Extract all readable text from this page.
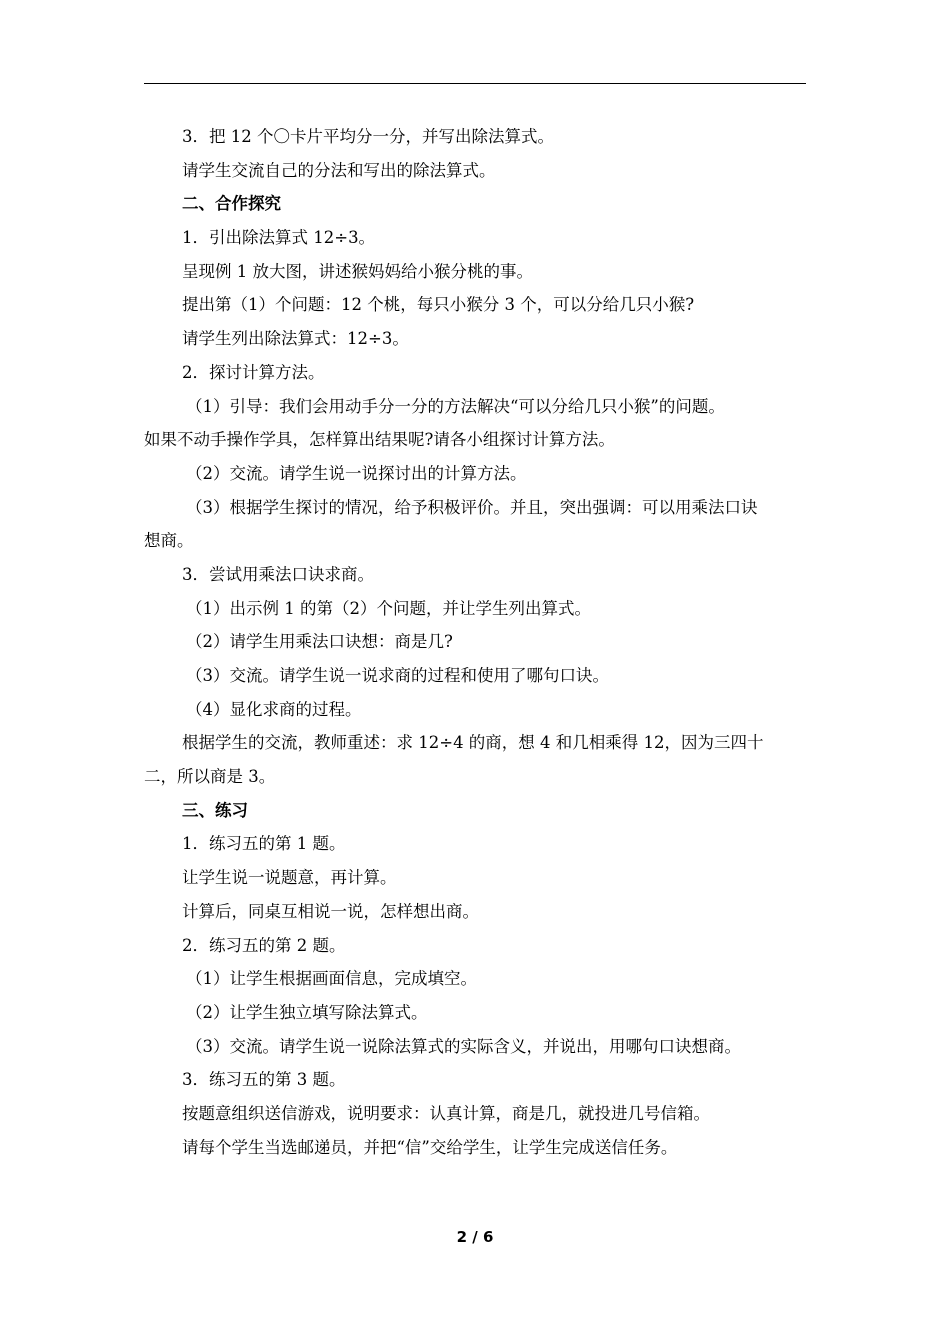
3．把 12 个〇卡片平均分一分，并写出除法算式。
请学生交流自己的分法和写出的除法算式。
二、合作探究
1．引出除法算式 12÷3。
呈现例 1 放大图，讲述猴妈妈给小猴分桃的事。
提出第（1）个问题：12 个桃，每只小猴分 3 个，可以分给几只小猴?
请学生列出除法算式：12÷3。
2．探讨计算方法。
（1）引导：我们会用动手分一分的方法解决“可以分给几只小猴”的问题。
如果不动手操作学具，怎样算出结果呢?请各小组探讨计算方法。
（2）交流。请学生说一说探讨出的计算方法。
（3）根据学生探讨的情况，给予积极评价。并且，突出强调：可以用乘法口诀
想商。
3．尝试用乘法口诀求商。
（1）出示例 1 的第（2）个问题，并让学生列出算式。
（2）请学生用乘法口诀想：商是几?
（3）交流。请学生说一说求商的过程和使用了哪句口诀。
（4）显化求商的过程。
根据学生的交流，教师重述：求 12÷4 的商，想 4 和几相乘得 12，因为三四十
二，所以商是 3。
三、练习
1．练习五的第 1 题。
让学生说一说题意，再计算。
计算后，同桌互相说一说，怎样想出商。
2．练习五的第 2 题。
（1）让学生根据画面信息，完成填空。
（2）让学生独立填写除法算式。
（3）交流。请学生说一说除法算式的实际含义，并说出，用哪句口诀想商。
3．练习五的第 3 题。
按题意组织送信游戏，说明要求：认真计算，商是几，就投进几号信箱。
请每个学生当选邮递员，并把“信”交给学生，让学生完成送信任务。
2 / 6
